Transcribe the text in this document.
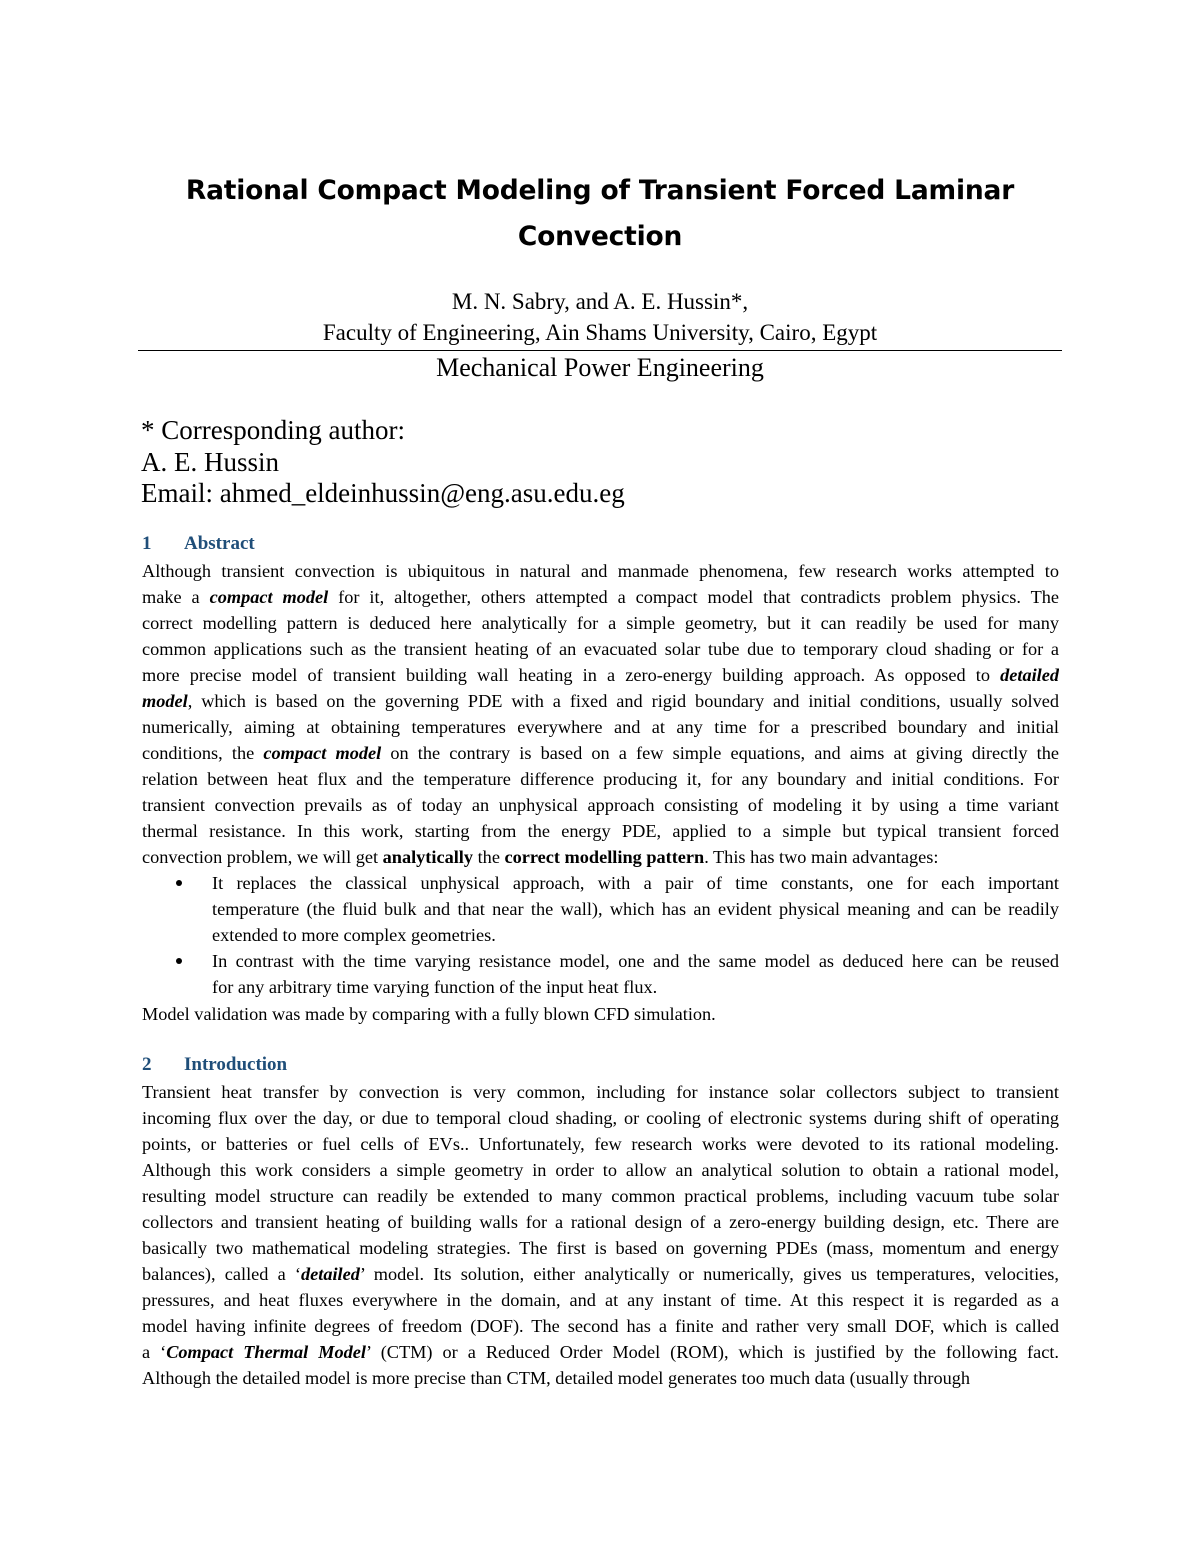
Rational Compact Modeling of Transient Forced Laminar Convection
M. N. Sabry, and A. E. Hussin*,
Faculty of Engineering, Ain Shams University, Cairo, Egypt
Mechanical Power Engineering
* Corresponding author:
A. E. Hussin
Email: ahmed_eldeinhussin@eng.asu.edu.eg
1 Abstract
Although transient convection is ubiquitous in natural and manmade phenomena, few research works attempted to
make a compact model for it, altogether, others attempted a compact model that contradicts problem physics. The
correct modelling pattern is deduced here analytically for a simple geometry, but it can readily be used for many
common applications such as the transient heating of an evacuated solar tube due to temporary cloud shading or for a
more precise model of transient building wall heating in a zero-energy building approach. As opposed to detailed
model, which is based on the governing PDE with a fixed and rigid boundary and initial conditions, usually solved
numerically, aiming at obtaining temperatures everywhere and at any time for a prescribed boundary and initial
conditions, the compact model on the contrary is based on a few simple equations, and aims at giving directly the
relation between heat flux and the temperature difference producing it, for any boundary and initial conditions. For
transient convection prevails as of today an unphysical approach consisting of modeling it by using a time variant
thermal resistance. In this work, starting from the energy PDE, applied to a simple but typical transient forced
convection problem, we will get analytically the correct modelling pattern. This has two main advantages:
It replaces the classical unphysical approach, with a pair of time constants, one for each important
temperature (the fluid bulk and that near the wall), which has an evident physical meaning and can be readily
extended to more complex geometries.
In contrast with the time varying resistance model, one and the same model as deduced here can be reused
for any arbitrary time varying function of the input heat flux.
Model validation was made by comparing with a fully blown CFD simulation.
2 Introduction
Transient heat transfer by convection is very common, including for instance solar collectors subject to transient
incoming flux over the day, or due to temporal cloud shading, or cooling of electronic systems during shift of operating
points, or batteries or fuel cells of EVs.. Unfortunately, few research works were devoted to its rational modeling.
Although this work considers a simple geometry in order to allow an analytical solution to obtain a rational model,
resulting model structure can readily be extended to many common practical problems, including vacuum tube solar
collectors and transient heating of building walls for a rational design of a zero-energy building design, etc. There are
basically two mathematical modeling strategies. The first is based on governing PDEs (mass, momentum and energy
balances), called a ‘detailed’ model. Its solution, either analytically or numerically, gives us temperatures, velocities,
pressures, and heat fluxes everywhere in the domain, and at any instant of time. At this respect it is regarded as a
model having infinite degrees of freedom (DOF). The second has a finite and rather very small DOF, which is called
a ‘Compact Thermal Model’ (CTM) or a Reduced Order Model (ROM), which is justified by the following fact.
Although the detailed model is more precise than CTM, detailed model generates too much data (usually through
